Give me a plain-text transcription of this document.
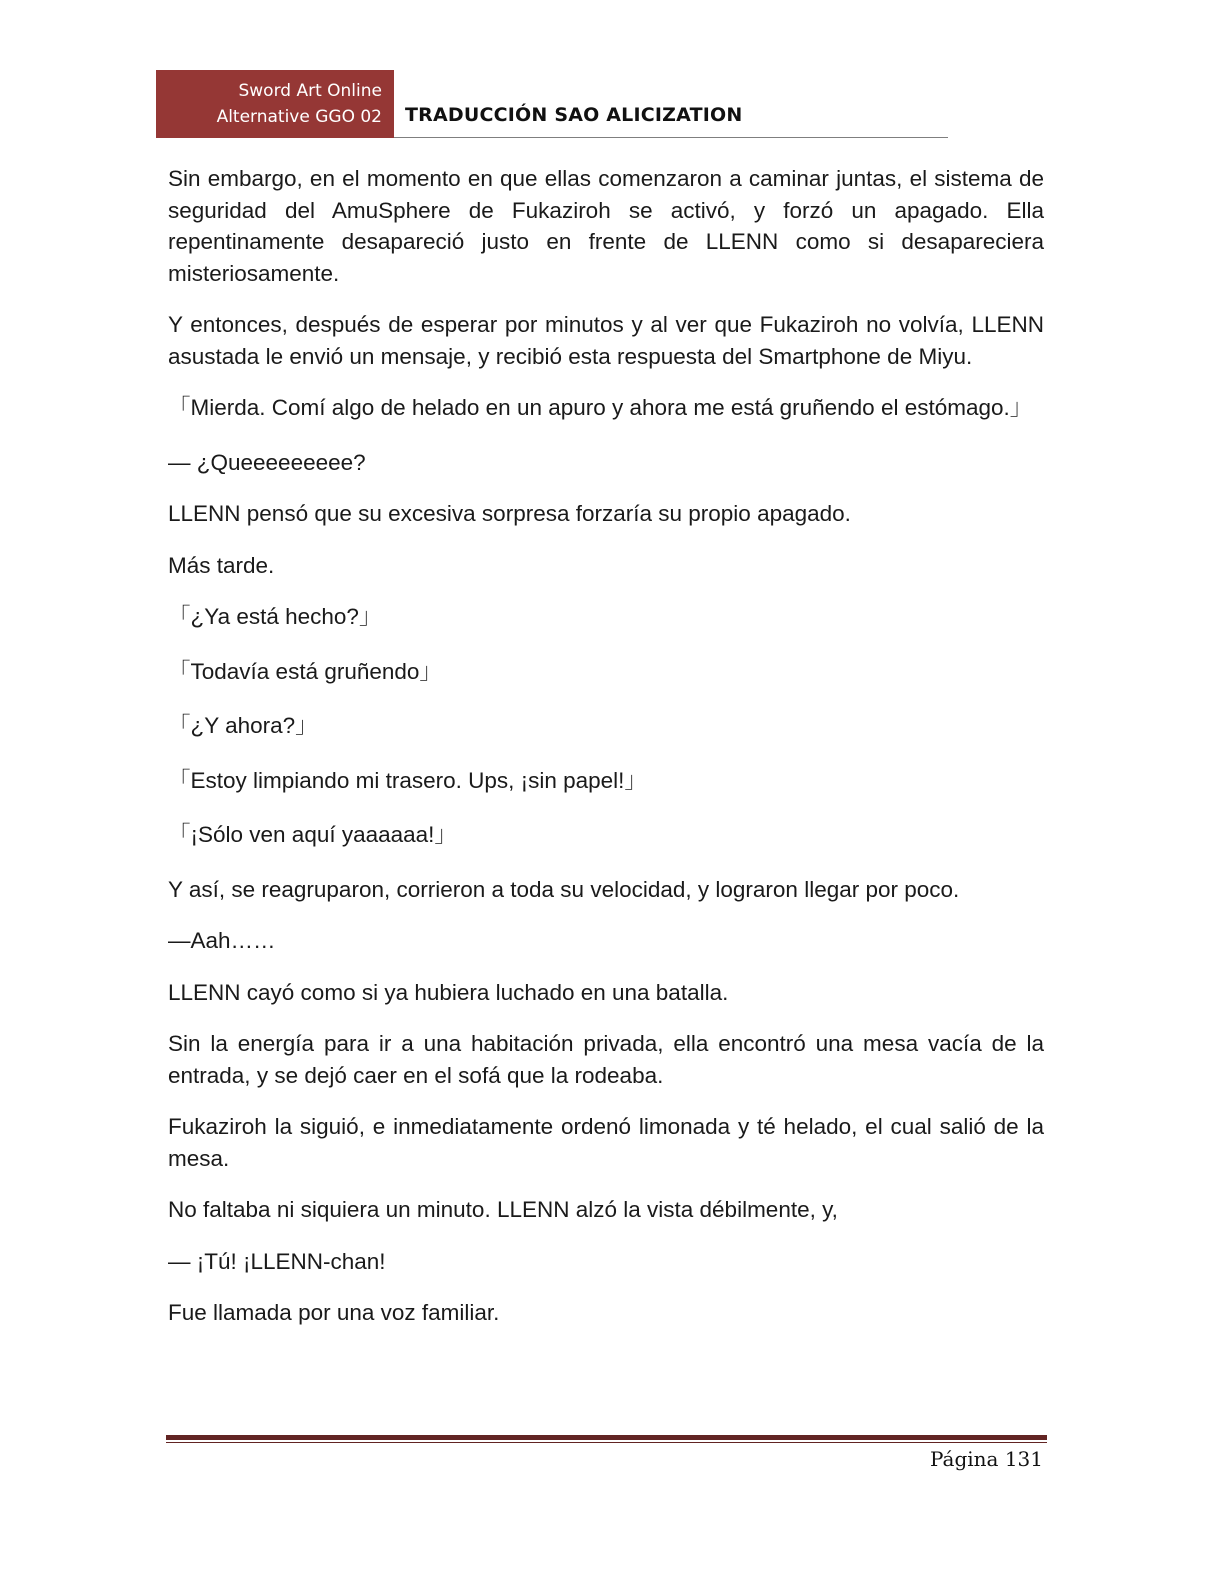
Sword Art Online
Alternative GGO 02 TRADUCCIÓN SAO ALICIZATION

Sin embargo, en el momento en que ellas comenzaron a caminar juntas, el sistema de seguridad del AmuSphere de Fukaziroh se activó, y forzó un apagado. Ella repentinamente desapareció justo en frente de LLENN como si desapareciera misteriosamente.

Y entonces, después de esperar por minutos y al ver que Fukaziroh no volvía, LLENN asustada le envió un mensaje, y recibió esta respuesta del Smartphone de Miyu.

「Mierda. Comí algo de helado en un apuro y ahora me está gruñendo el estómago.」

— ¿Queeeeeeeee?

LLENN pensó que su excesiva sorpresa forzaría su propio apagado.

Más tarde.

「¿Ya está hecho?」

「Todavía está gruñendo」

「¿Y ahora?」

「Estoy limpiando mi trasero. Ups, ¡sin papel!」

「¡Sólo ven aquí yaaaaaa!」

Y así, se reagruparon, corrieron a toda su velocidad, y lograron llegar por poco.

—Aah……

LLENN cayó como si ya hubiera luchado en una batalla.

Sin la energía para ir a una habitación privada, ella encontró una mesa vacía de la entrada, y se dejó caer en el sofá que la rodeaba.

Fukaziroh la siguió, e inmediatamente ordenó limonada y té helado, el cual salió de la mesa.

No faltaba ni siquiera un minuto. LLENN alzó la vista débilmente, y,

— ¡Tú! ¡LLENN-chan!

Fue llamada por una voz familiar.

Página 131
